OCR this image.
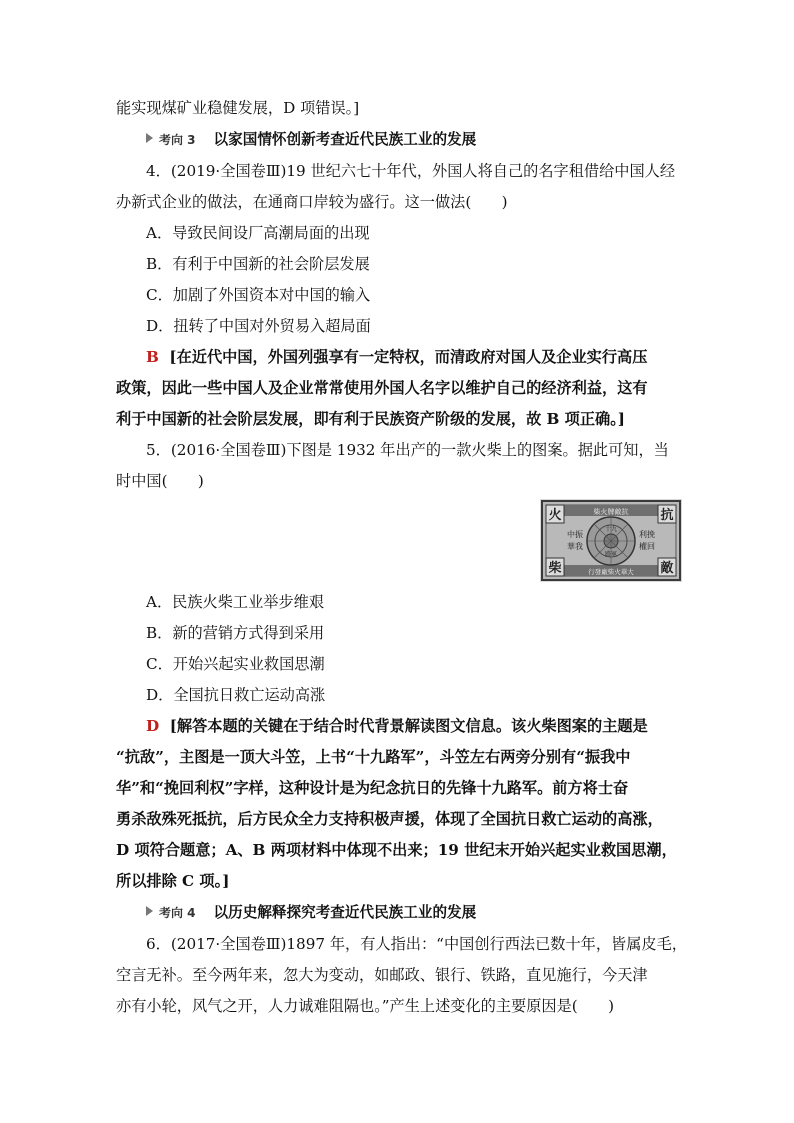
能实现煤矿业稳健发展，D 项错误。]
考向 3 以家国情怀创新考查近代民族工业的发展
4．(2019·全国卷Ⅲ)19 世纪六七十年代，外国人将自己的名字租借给中国人经
办新式企业的做法，在通商口岸较为盛行。这一做法(　　)
A．导致民间设厂高潮局面的出现
B．有利于中国新的社会阶层发展
C．加剧了外国资本对中国的输入
D．扭转了中国对外贸易入超局面
B [在近代中国，外国列强享有一定特权，而清政府对国人及企业实行高压
政策，因此一些中国人及企业常常使用外国人名字以维护自己的经济利益，这有
利于中国新的社会阶层发展，即有利于民族资产阶级的发展，故 B 项正确。]
5．(2016·全国卷Ⅲ)下图是 1932 年出产的一款火柴上的图案。据此可知，当
时中国(　　)
火	抗
柴	敵
柴火牌敵抗
行發廠柴火華大
中振
華我
利挽
權回
十九
路軍
A．民族火柴工业举步维艰
B．新的营销方式得到采用
C．开始兴起实业救国思潮
D．全国抗日救亡运动高涨
D [解答本题的关键在于结合时代背景解读图文信息。该火柴图案的主题是
“抗敌”，主图是一顶大斗笠，上书“十九路军”，斗笠左右两旁分别有“振我中
华”和“挽回利权”字样，这种设计是为纪念抗日的先锋十九路军。前方将士奋
勇杀敌殊死抵抗，后方民众全力支持积极声援，体现了全国抗日救亡运动的高涨，
D 项符合题意；A、B 两项材料中体现不出来；19 世纪末开始兴起实业救国思潮，
所以排除 C 项。]
考向 4 以历史解释探究考查近代民族工业的发展
6．(2017·全国卷Ⅲ)1897 年，有人指出：“中国创行西法已数十年，皆属皮毛，
空言无补。至今两年来，忽大为变动，如邮政、银行、铁路，直见施行，今天津
亦有小轮，风气之开，人力诚难阻隔也。”产生上述变化的主要原因是(　　)
